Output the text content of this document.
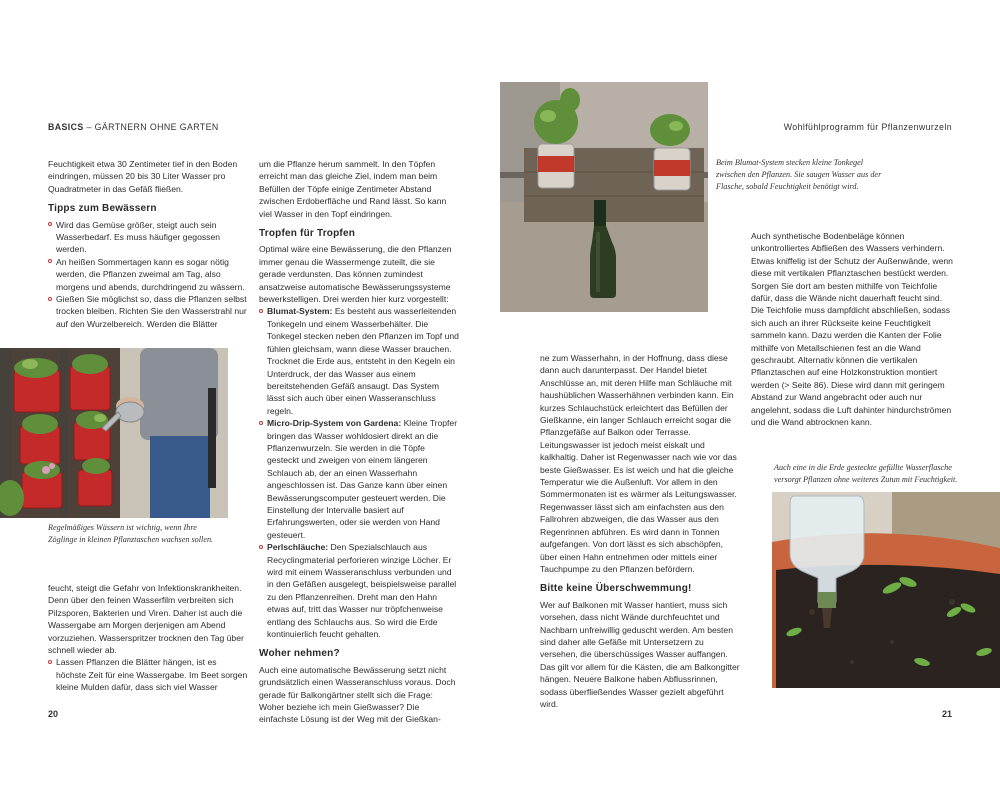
BASICS – GÄRTNERN OHNE GARTEN

Feuchtigkeit etwa 30 Zentimeter tief in den Boden eindringen, müssen 20 bis 30 Liter Wasser pro Quadratmeter in das Gefäß fließen.

Tipps zum Bewässern

Wird das Gemüse größer, steigt auch sein Wasserbedarf. Es muss häufiger gegossen werden.

An heißen Sommertagen kann es sogar nötig werden, die Pflanzen zweimal am Tag, also morgens und abends, durchdringend zu wässern.

Gießen Sie möglichst so, dass die Pflanzen selbst trocken bleiben. Richten Sie den Wasserstrahl nur auf den Wurzelbereich. Werden die Blätter

Regelmäßiges Wässern ist wichtig, wenn Ihre Zöglinge in kleinen Pflanztaschen wachsen sollen.

feucht, steigt die Gefahr von Infektionskrankheiten. Denn über den feinen Wasserfilm verbreiten sich Pilzsporen, Bakterien und Viren. Daher ist auch die Wassergabe am Morgen derjenigen am Abend vorzuziehen. Wasserspritzer trocknen den Tag über schnell wieder ab.

Lassen Pflanzen die Blätter hängen, ist es höchste Zeit für eine Wassergabe. Im Beet sorgen kleine Mulden dafür, dass sich viel Wasser

um die Pflanze herum sammelt. In den Töpfen erreicht man das gleiche Ziel, indem man beim Befüllen der Töpfe einige Zentimeter Abstand zwischen Erdoberfläche und Rand lässt. So kann viel Wasser in den Topf eindringen.

Tropfen für Tropfen

Optimal wäre eine Bewässerung, die den Pflanzen immer genau die Wassermenge zuteilt, die sie gerade verdunsten. Das können zumindest ansatzweise automatische Bewässerungssysteme bewerkstelligen. Drei werden hier kurz vorgestellt:

Blumat-System: Es besteht aus wasserleitenden Tonkegeln und einem Wasserbehälter. Die Tonkegel stecken neben den Pflanzen im Topf und fühlen gleichsam, wann diese Wasser brauchen. Trocknet die Erde aus, entsteht in den Kegeln ein Unterdruck, der das Wasser aus einem bereitstehenden Gefäß ansaugt. Das System lässt sich auch über einen Wasseranschluss regeln.

Micro-Drip-System von Gardena: Kleine Tropfer bringen das Wasser wohldosiert direkt an die Pflanzenwurzeln. Sie werden in die Töpfe gesteckt und zweigen von einem längeren Schlauch ab, der an einen Wasserhahn angeschlossen ist. Das Ganze kann über einen Bewässerungscomputer gesteuert werden. Die Einstellung der Intervalle basiert auf Erfahrungswerten, oder sie werden von Hand gesteuert.

Perlschläuche: Den Spezialschlauch aus Recyclingmaterial perforieren winzige Löcher. Er wird mit einem Wasseranschluss verbunden und in den Gefäßen ausgelegt, beispielsweise parallel zu den Pflanzenreihen. Dreht man den Hahn etwas auf, tritt das Wasser nur tröpfchenweise entlang des Schlauchs aus. So wird die Erde kontinuierlich feucht gehalten.

Woher nehmen?

Auch eine automatische Bewässerung setzt nicht grundsätzlich einen Wasseranschluss voraus. Doch gerade für Balkongärtner stellt sich die Frage: Woher beziehe ich mein Gießwasser? Die einfachste Lösung ist der Weg mit der Gießkan-

20
Beim Blumat-System stecken kleine Tonkegel zwischen den Pflanzen. Sie saugen Wasser aus der Flasche, sobald Feuchtigkeit benötigt wird.
Wohlfühlprogramm für Pflanzenwurzeln

ne zum Wasserhahn, in der Hoffnung, dass diese dann auch darunterpasst. Der Handel bietet Anschlüsse an, mit deren Hilfe man Schläuche mit haushüblichen Wasserhähnen verbinden kann. Ein kurzes Schlauchstück erleichtert das Befüllen der Gießkanne, ein langer Schlauch erreicht sogar die Pflanzgefäße auf Balkon oder Terrasse. Leitungswasser ist jedoch meist eiskalt und kalkhaltig. Daher ist Regenwasser nach wie vor das beste Gießwasser. Es ist weich und hat die gleiche Temperatur wie die Außenluft. Vor allem in den Sommermonaten ist es wärmer als Leitungswasser. Regenwasser lässt sich am einfachsten aus den Fallrohren abzweigen, die das Wasser aus den Regenrinnen abführen. Es wird dann in Tonnen aufgefangen. Von dort lässt es sich abschöpfen, über einen Hahn entnehmen oder mittels einer Tauchpumpe zu den Pflanzen befördern.

Bitte keine Überschwemmung!

Wer auf Balkonen mit Wasser hantiert, muss sich vorsehen, dass nicht Wände durchfeuchtet und Nachbarn unfreiwillig geduscht werden. Am besten sind daher alle Gefäße mit Untersetzern zu versehen, die überschüssiges Wasser auffangen. Das gilt vor allem für die Kästen, die am Balkongitter hängen. Neuere Balkone haben Abflussrinnen, sodass überfließendes Wasser gezielt abgeführt wird.

Auch synthetische Bodenbeläge können unkontrolliertes Abfließen des Wassers verhindern. Etwas kniffelig ist der Schutz der Außenwände, wenn diese mit vertikalen Pflanztaschen bestückt werden. Sorgen Sie dort am besten mithilfe von Teichfolie dafür, dass die Wände nicht dauerhaft feucht sind. Die Teichfolie muss dampfdicht abschließen, sodass sich auch an ihrer Rückseite keine Feuchtigkeit sammeln kann. Dazu werden die Kanten der Folie mithilfe von Metallschienen fest an die Wand geschraubt. Alternativ können die vertikalen Pflanztaschen auf eine Holzkonstruktion montiert werden (> Seite 86). Diese wird dann mit geringem Abstand zur Wand angebracht oder auch nur angelehnt, sodass die Luft dahinter hindurchströmen und die Wand abtrocknen kann.

Auch eine in die Erde gesteckte gefüllte Wasserflasche versorgt Pflanzen ohne weiteres Zutun mit Feuchtigkeit.
21
